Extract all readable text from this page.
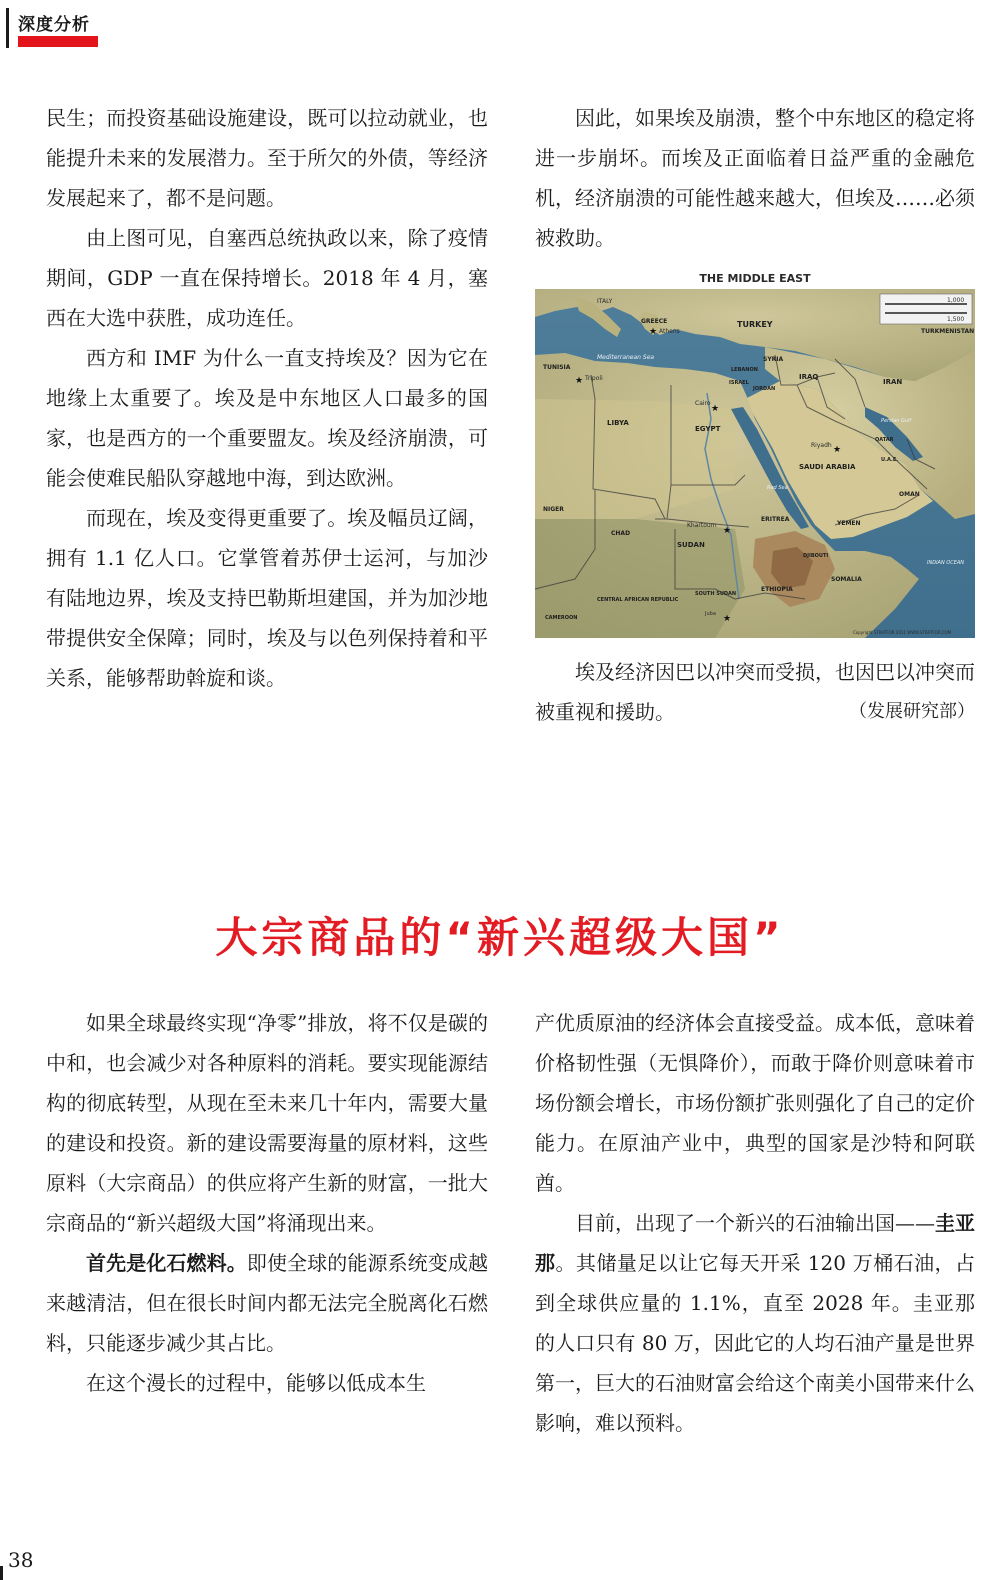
深度分析

民生；而投资基础设施建设，既可以拉动就业，也能提升未来的发展潜力。至于所欠的外债，等经济发展起来了，都不是问题。

由上图可见，自塞西总统执政以来，除了疫情期间，GDP 一直在保持增长。2018 年 4 月，塞西在大选中获胜，成功连任。

西方和 IMF 为什么一直支持埃及？因为它在地缘上太重要了。埃及是中东地区人口最多的国家，也是西方的一个重要盟友。埃及经济崩溃，可能会使难民船队穿越地中海，到达欧洲。

而现在，埃及变得更重要了。埃及幅员辽阔，拥有 1.1 亿人口。它掌管着苏伊士运河，与加沙有陆地边界，埃及支持巴勒斯坦建国，并为加沙地带提供安全保障；同时，埃及与以色列保持着和平关系，能够帮助斡旋和谈。

因此，如果埃及崩溃，整个中东地区的稳定将进一步崩坏。而埃及正面临着日益严重的金融危机，经济崩溃的可能性越来越大，但埃及……必须被救助。

THE MIDDLE EAST
1,000
1,500
★
★
★
★
★
★
ITALY
GREECE
Athens
TURKEY
TURKMENISTAN
SYRIA
LEBANON
ISRAEL
JORDAN
IRAQ
IRAN
TUNISIA
Tripoli
Mediterranean Sea
Cairo
LIBYA
EGYPT
Persian Gulf
Riyadh
QATAR
U.A.E.
SAUDI ARABIA
OMAN
Red Sea
NIGER
CHAD
Khartoum
SUDAN
ERITREA
YEMEN
DJIBOUTI
INDIAN OCEAN
SOMALIA
ETHIOPIA
SOUTH SUDAN
CENTRAL AFRICAN REPUBLIC
CAMEROON
Juba
Copyright STRATFOR 2011 WWW.STRATFOR.COM

埃及经济因巴以冲突而受损，也因巴以冲突而被重视和援助。	（发展研究部）

大宗商品的“新兴超级大国”

如果全球最终实现“净零”排放，将不仅是碳的中和，也会减少对各种原料的消耗。要实现能源结构的彻底转型，从现在至未来几十年内，需要大量的建设和投资。新的建设需要海量的原材料，这些原料（大宗商品）的供应将产生新的财富，一批大宗商品的“新兴超级大国”将涌现出来。

首先是化石燃料。即使全球的能源系统变成越来越清洁，但在很长时间内都无法完全脱离化石燃料，只能逐步减少其占比。

在这个漫长的过程中，能够以低成本生

产优质原油的经济体会直接受益。成本低，意味着价格韧性强（无惧降价），而敢于降价则意味着市场份额会增长，市场份额扩张则强化了自己的定价能力。在原油产业中，典型的国家是沙特和阿联酋。

目前，出现了一个新兴的石油输出国——圭亚那。其储量足以让它每天开采 120 万桶石油，占到全球供应量的 1.1%，直至 2028 年。圭亚那的人口只有 80 万，因此它的人均石油产量是世界第一，巨大的石油财富会给这个南美小国带来什么影响，难以预料。

38
